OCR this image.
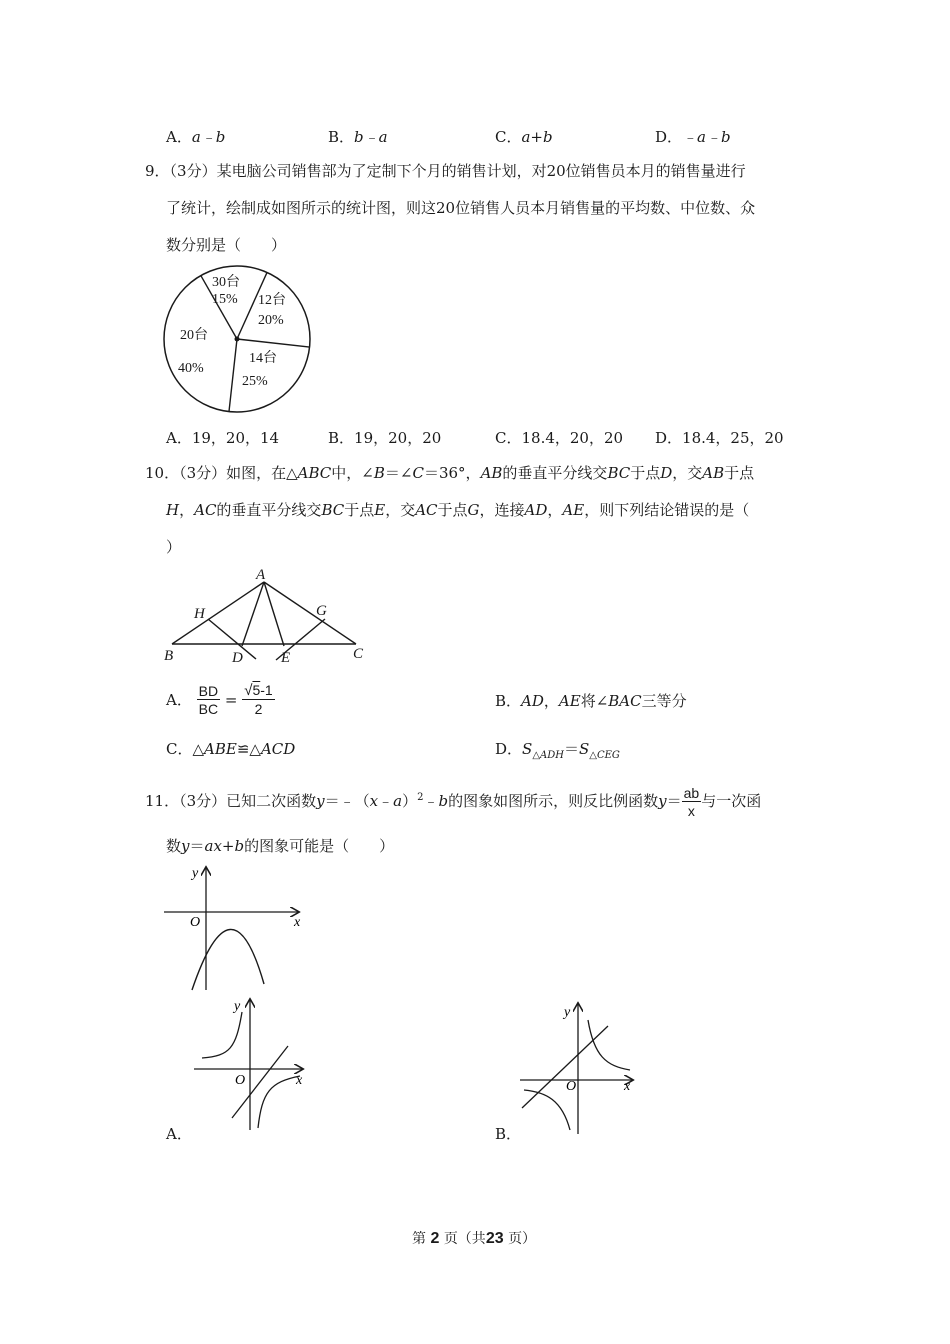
A．a﹣b	B．b﹣a	C．a+b	D．﹣a﹣b
9．（3分）某电脑公司销售部为了定制下个月的销售计划，对20位销售员本月的销售量进行
了统计，绘制成如图所示的统计图，则这20位销售人员本月销售量的平均数、中位数、众
数分别是（　　）
30台
15% 12台
20%
14台
25%
20台
40%
A．19，20，14	B．19，20，20	C．18.4，20，20 D．18.4，25，20
10．（3分）如图，在△ABC中，∠B＝∠C＝36°，AB的垂直平分线交BC于点D，交AB于点
H，AC的垂直平分线交BC于点E，交AC于点G，连接AD，AE，则下列结论错误的是（
）
A
B	C
D	E
G
H
A． $\frac{BD}{BC} = \frac{√5-1}{2}$	B．AD，AE将∠BAC三等分
C．△ABE≌△ACD	D．$S_{\triangle ADH}=S_{\triangle CEG}$
11．（3分）已知二次函数y＝﹣（x﹣a）$^2$﹣b的图象如图所示，则反比例函数$y= \frac{ab}{x}$ 与一次函
数y＝ax+b的图象可能是（　　）
y
x
O
y
x
O
A．
y
x
O
B．
第 2 页（共23 页）
